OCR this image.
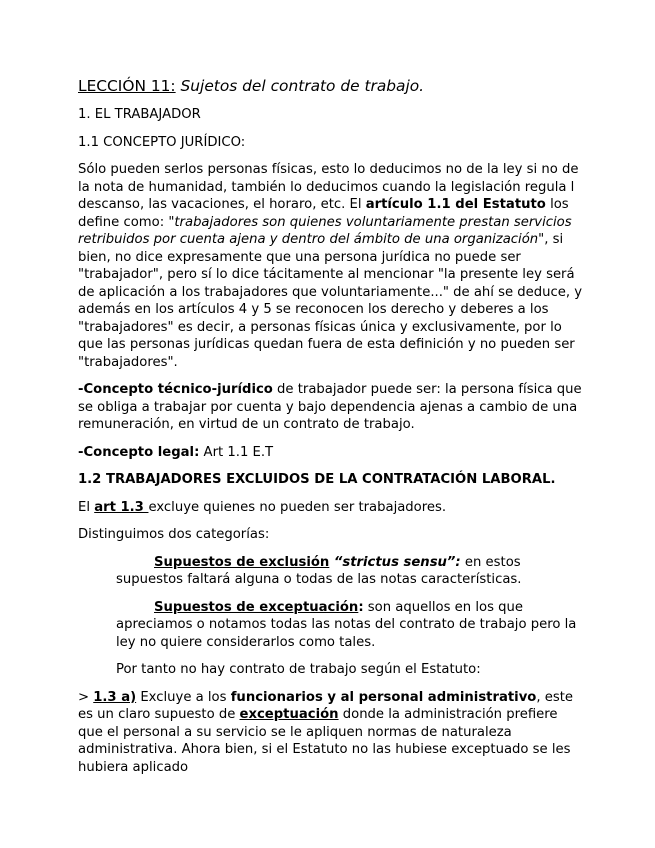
LECCIÓN 11: Sujetos del contrato de trabajo.
1. EL TRABAJADOR
1.1 CONCEPTO JURÍDICO:

Sólo pueden serlos personas físicas, esto lo deducimos no de la ley si no de la nota de humanidad, también lo deducimos cuando la legislación regula l descanso, las vacaciones, el horaro, etc. El artículo 1.1 del Estatuto los define como: "trabajadores son quienes voluntariamente prestan servicios retribuidos por cuenta ajena y dentro del ámbito de una organización", si bien, no dice expresamente que una persona jurídica no puede ser "trabajador", pero sí lo dice tácitamente al mencionar "la presente ley será de aplicación a los trabajadores que voluntariamente..." de ahí se deduce, y además en los artículos 4 y 5 se reconocen los derecho y deberes a los "trabajadores" es decir, a personas físicas única y exclusivamente, por lo que las personas jurídicas quedan fuera de esta definición y no pueden ser "trabajadores".

-Concepto técnico-jurídico de trabajador puede ser: la persona física que se obliga a trabajar por cuenta y bajo dependencia ajenas a cambio de una remuneración, en virtud de un contrato de trabajo.

-Concepto legal: Art 1.1 E.T

1.2 TRABAJADORES EXCLUIDOS DE LA CONTRATACIÓN LABORAL.

El art 1.3 excluye quienes no pueden ser trabajadores.

Distinguimos dos categorías:

Supuestos de exclusión “strictus sensu”: en estos supuestos faltará alguna o todas de las notas características.

Supuestos de exceptuación: son aquellos en los que apreciamos o notamos todas las notas del contrato de trabajo pero la ley no quiere considerarlos como tales.

Por tanto no hay contrato de trabajo según el Estatuto:

> 1.3 a) Excluye a los funcionarios y al personal administrativo, este es un claro supuesto de exceptuación donde la administración prefiere que el personal a su servicio se le apliquen normas de naturaleza administrativa. Ahora bien, si el Estatuto no las hubiese exceptuado se les hubiera aplicado
